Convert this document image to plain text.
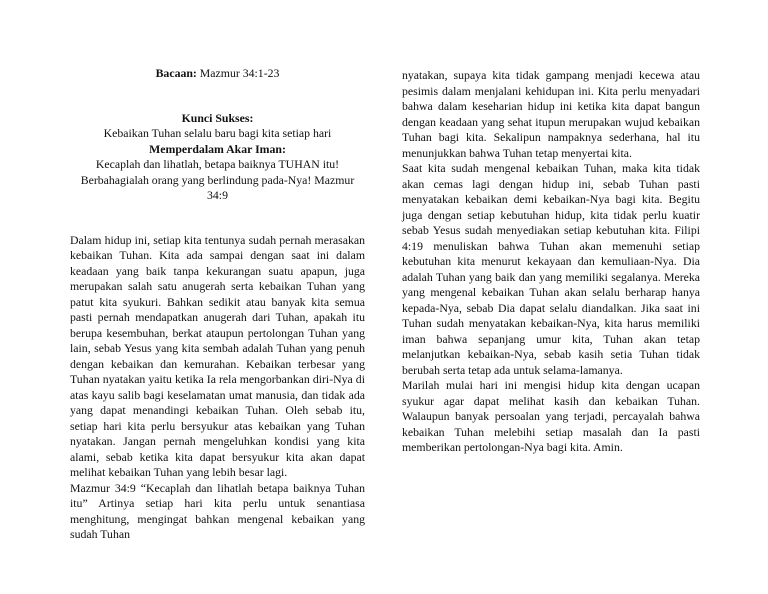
Bacaan: Mazmur 34:1-23

Kunci Sukses:

Kebaikan Tuhan selalu baru bagi kita setiap hari

Memperdalam Akar Iman:

Kecaplah dan lihatlah, betapa baiknya TUHAN itu!

Berbahagialah orang yang berlindung pada-Nya! Mazmur 34:9

Dalam hidup ini, setiap kita tentunya sudah pernah merasakan kebaikan Tuhan. Kita ada sampai dengan saat ini dalam keadaan yang baik tanpa kekurangan suatu apapun, juga merupakan salah satu anugerah serta kebaikan Tuhan yang patut kita syukuri. Bahkan sedikit atau banyak kita semua pasti pernah mendapatkan anugerah dari Tuhan, apakah itu berupa kesembuhan, berkat ataupun pertolongan Tuhan yang lain, sebab Yesus yang kita sembah adalah Tuhan yang penuh dengan kebaikan dan kemurahan. Kebaikan terbesar yang Tuhan nyatakan yaitu ketika Ia rela mengorbankan diri-Nya di atas kayu salib bagi keselamatan umat manusia, dan tidak ada yang dapat menandingi kebaikan Tuhan. Oleh sebab itu, setiap hari kita perlu bersyukur atas kebaikan yang Tuhan nyatakan. Jangan pernah mengeluhkan kondisi yang kita alami, sebab ketika kita dapat bersyukur kita akan dapat melihat kebaikan Tuhan yang lebih besar lagi.

Mazmur 34:9 “Kecaplah dan lihatlah betapa baiknya Tuhan itu” Artinya setiap hari kita perlu untuk senantiasa menghitung, mengingat bahkan mengenal kebaikan yang sudah Tuhan

nyatakan, supaya kita tidak gampang menjadi kecewa atau pesimis dalam menjalani kehidupan ini. Kita perlu menyadari bahwa dalam keseharian hidup ini ketika kita dapat bangun dengan keadaan yang sehat itupun merupakan wujud kebaikan Tuhan bagi kita. Sekalipun nampaknya sederhana, hal itu menunjukkan bahwa Tuhan tetap menyertai kita.

Saat kita sudah mengenal kebaikan Tuhan, maka kita tidak akan cemas lagi dengan hidup ini, sebab Tuhan pasti menyatakan kebaikan demi kebaikan-Nya bagi kita. Begitu juga dengan setiap kebutuhan hidup, kita tidak perlu kuatir sebab Yesus sudah menyediakan setiap kebutuhan kita. Filipi 4:19 menuliskan bahwa Tuhan akan memenuhi setiap kebutuhan kita menurut kekayaan dan kemuliaan-Nya. Dia adalah Tuhan yang baik dan yang memiliki segalanya. Mereka yang mengenal kebaikan Tuhan akan selalu berharap hanya kepada-Nya, sebab Dia dapat selalu diandalkan. Jika saat ini Tuhan sudah menyatakan kebaikan-Nya, kita harus memiliki iman bahwa sepanjang umur kita, Tuhan akan tetap melanjutkan kebaikan-Nya, sebab kasih setia Tuhan tidak berubah serta tetap ada untuk selama-lamanya.

Marilah mulai hari ini mengisi hidup kita dengan ucapan syukur agar dapat melihat kasih dan kebaikan Tuhan. Walaupun banyak persoalan yang terjadi, percayalah bahwa kebaikan Tuhan melebihi setiap masalah dan Ia pasti memberikan pertolongan-Nya bagi kita. Amin.
